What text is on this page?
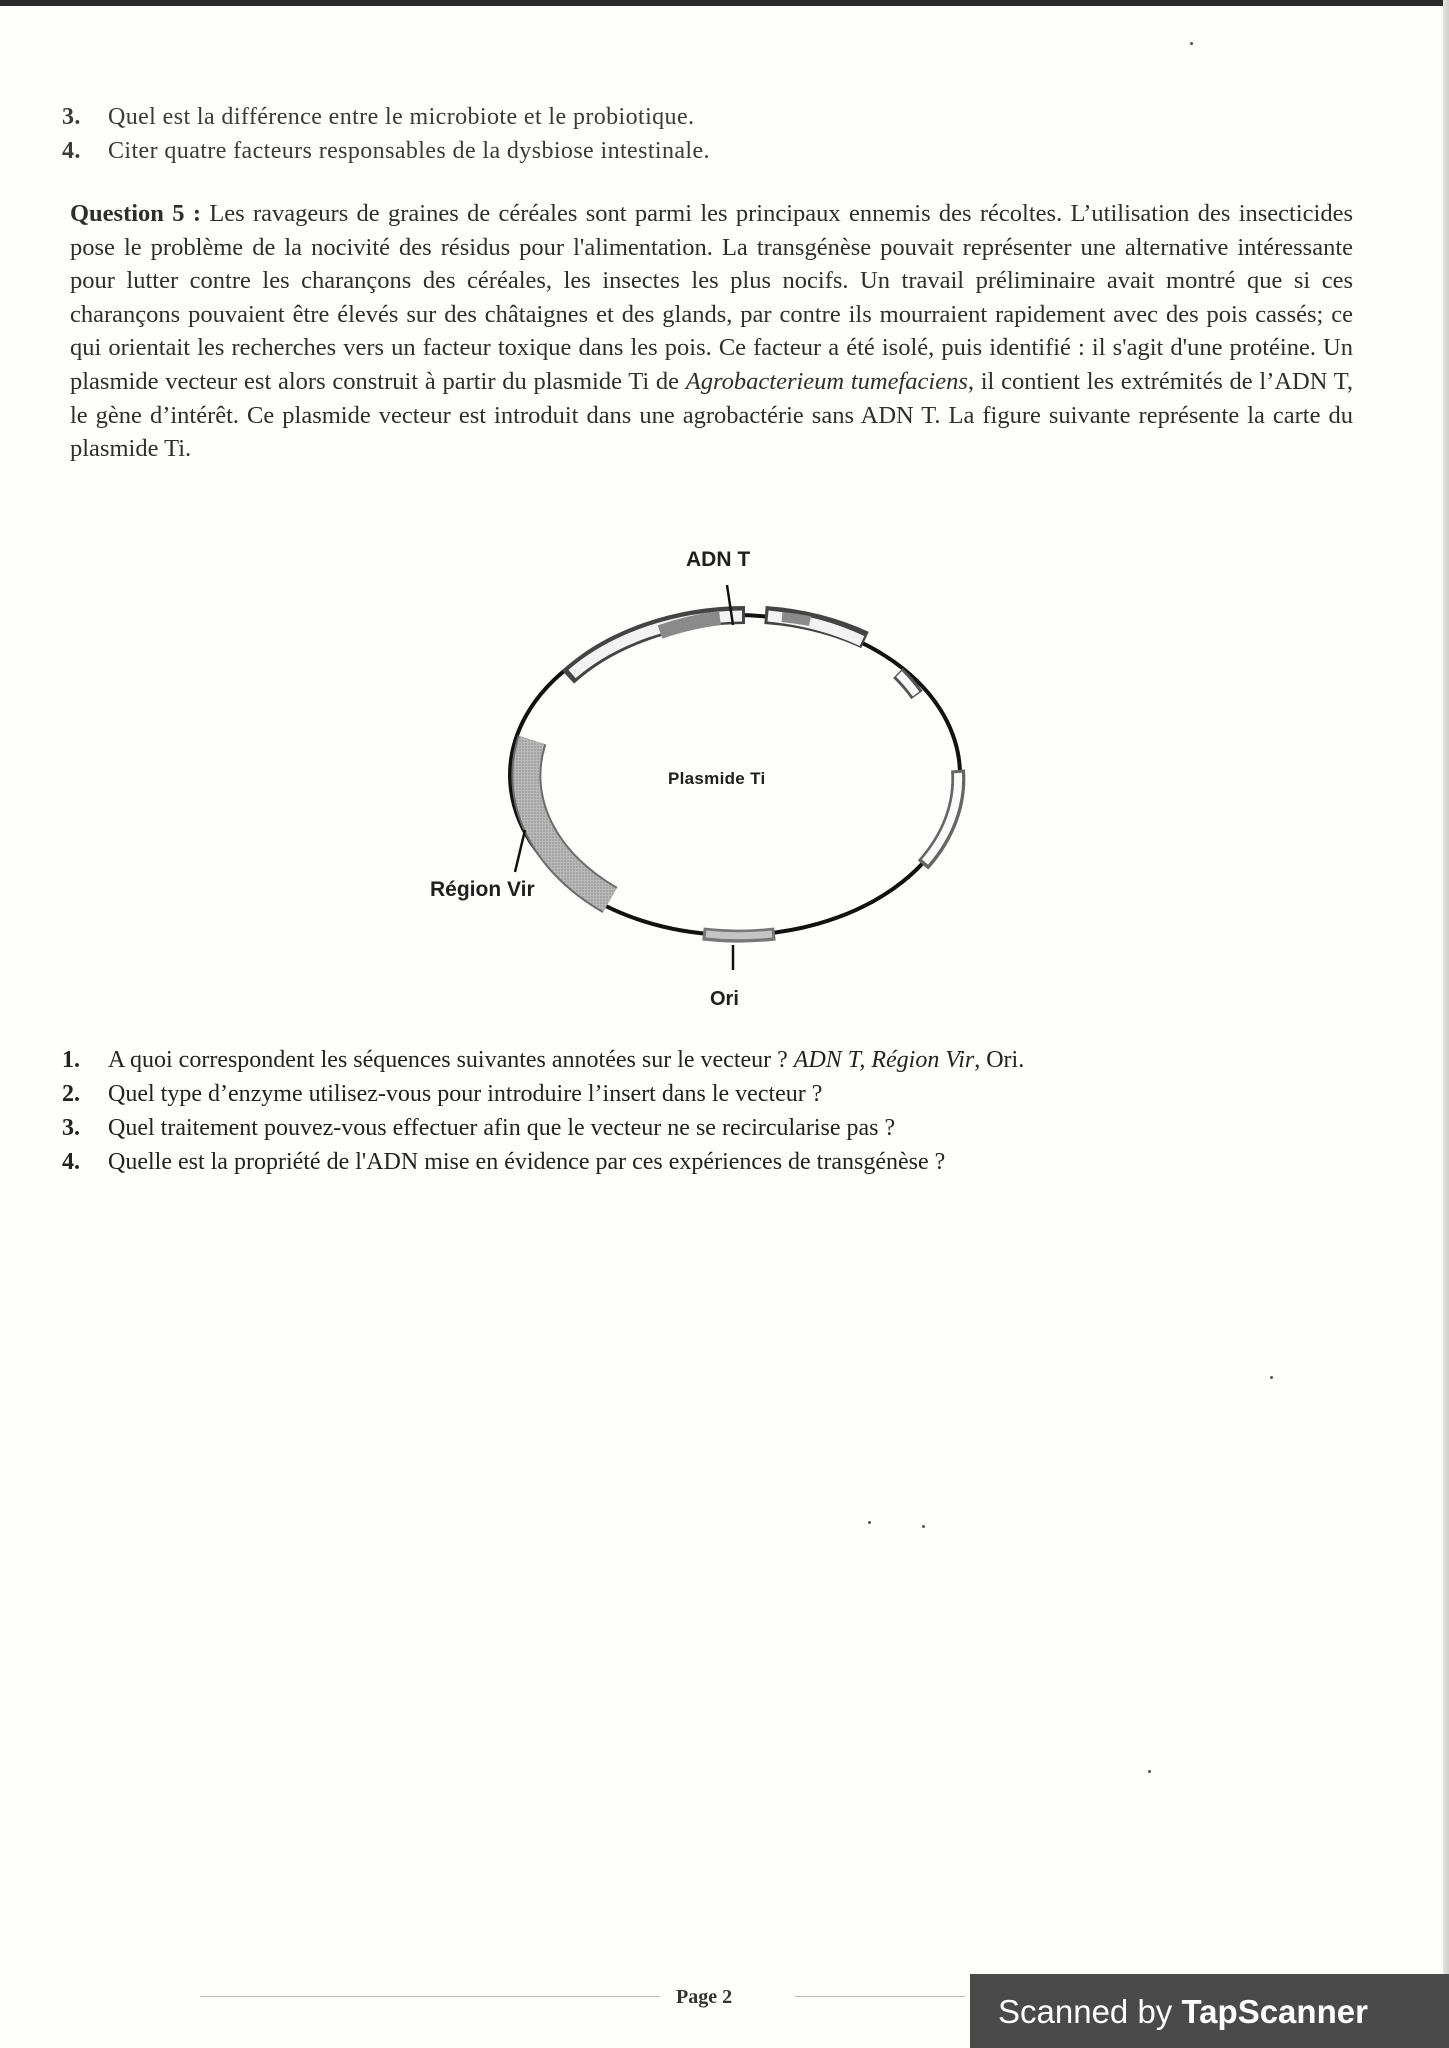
3. Quel est la différence entre le microbiote et le probiotique.
4. Citer quatre facteurs responsables de la dysbiose intestinale.

Question 5 : Les ravageurs de graines de céréales sont parmi les principaux ennemis des récoltes. L’utilisation des insecticides pose le problème de la nocivité des résidus pour l'alimentation. La transgénèse pouvait représenter une alternative intéressante pour lutter contre les charançons des céréales, les insectes les plus nocifs. Un travail préliminaire avait montré que si ces charançons pouvaient être élevés sur des châtaignes et des glands, par contre ils mourraient rapidement avec des pois cassés; ce qui orientait les recherches vers un facteur toxique dans les pois. Ce facteur a été isolé, puis identifié : il s'agit d'une protéine. Un plasmide vecteur est alors construit à partir du plasmide Ti de Agrobacterieum tumefaciens, il contient les extrémités de l’ADN T, le gène d’intérêt. Ce plasmide vecteur est introduit dans une agrobactérie sans ADN T. La figure suivante représente la carte du plasmide Ti.

ADN T
Plasmide Ti
Région Vir
Ori
1. A quoi correspondent les séquences suivantes annotées sur le vecteur ? ADN T, Région Vir, Ori.
2. Quel type d’enzyme utilisez-vous pour introduire l’insert dans le vecteur ?
3. Quel traitement pouvez-vous effectuer afin que le vecteur ne se recircularise pas ?
4. Quelle est la propriété de l'ADN mise en évidence par ces expériences de transgénèse ?
Page 2	Scanned by TapScanner
